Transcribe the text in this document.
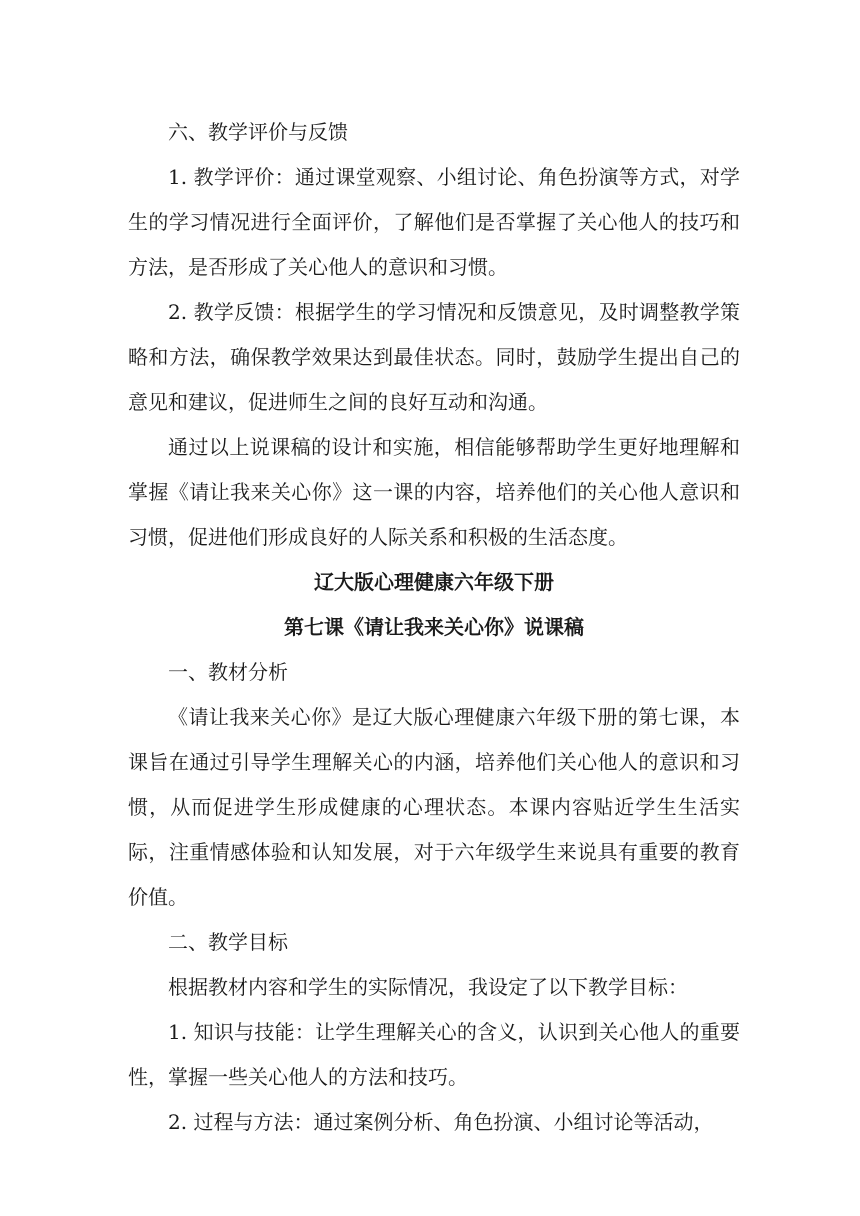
六、教学评价与反馈

1. 教学评价：通过课堂观察、小组讨论、角色扮演等方式，对学生的学习情况进行全面评价，了解他们是否掌握了关心他人的技巧和方法，是否形成了关心他人的意识和习惯。

2. 教学反馈：根据学生的学习情况和反馈意见，及时调整教学策略和方法，确保教学效果达到最佳状态。同时，鼓励学生提出自己的意见和建议，促进师生之间的良好互动和沟通。

通过以上说课稿的设计和实施，相信能够帮助学生更好地理解和掌握《请让我来关心你》这一课的内容，培养他们的关心他人意识和习惯，促进他们形成良好的人际关系和积极的生活态度。

辽大版心理健康六年级下册

第七课《请让我来关心你》说课稿

一、教材分析

《请让我来关心你》是辽大版心理健康六年级下册的第七课，本课旨在通过引导学生理解关心的内涵，培养他们关心他人的意识和习惯，从而促进学生形成健康的心理状态。本课内容贴近学生生活实际，注重情感体验和认知发展，对于六年级学生来说具有重要的教育价值。

二、教学目标

根据教材内容和学生的实际情况，我设定了以下教学目标：

1. 知识与技能：让学生理解关心的含义，认识到关心他人的重要性，掌握一些关心他人的方法和技巧。

2. 过程与方法：通过案例分析、角色扮演、小组讨论等活动，
